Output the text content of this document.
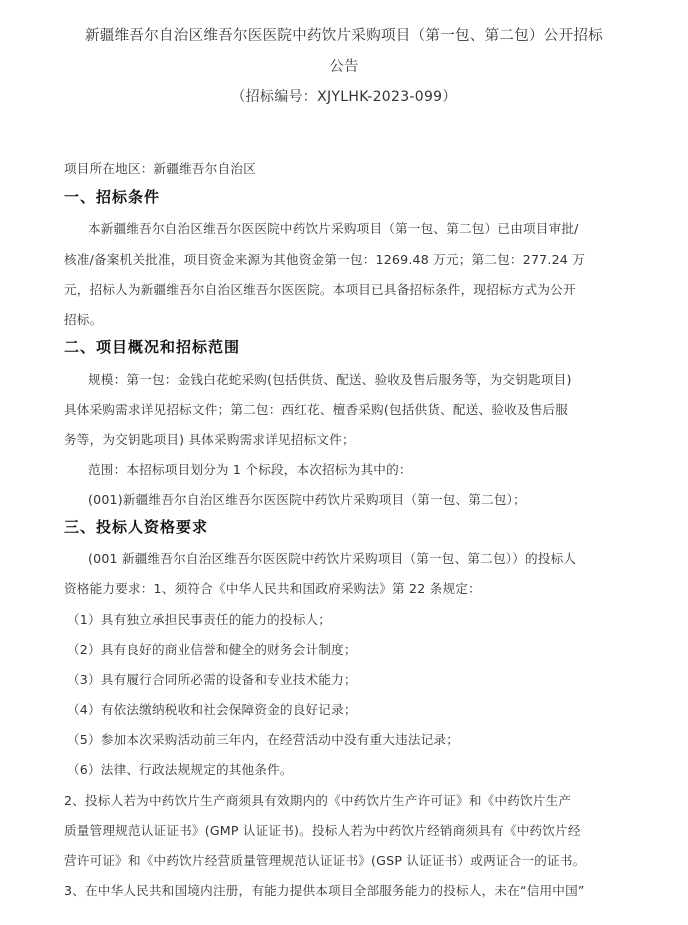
新疆维吾尔自治区维吾尔医医院中药饮片采购项目（第一包、第二包）公开招标
公告
（招标编号：XJYLHK-2023-099）
项目所在地区：新疆维吾尔自治区
一、招标条件
本新疆维吾尔自治区维吾尔医医院中药饮片采购项目（第一包、第二包）已由项目审批/
核准/备案机关批准，项目资金来源为其他资金第一包：1269.48 万元；第二包：277.24 万
元，招标人为新疆维吾尔自治区维吾尔医医院。本项目已具备招标条件，现招标方式为公开
招标。
二、项目概况和招标范围
规模：第一包：金钱白花蛇采购(包括供货、配送、验收及售后服务等，为交钥匙项目)
具体采购需求详见招标文件；第二包：西红花、檀香采购(包括供货、配送、验收及售后服
务等，为交钥匙项目) 具体采购需求详见招标文件；
范围：本招标项目划分为 1 个标段，本次招标为其中的：
(001)新疆维吾尔自治区维吾尔医医院中药饮片采购项目（第一包、第二包）；
三、投标人资格要求
(001 新疆维吾尔自治区维吾尔医医院中药饮片采购项目（第一包、第二包））的投标人
资格能力要求：1、须符合《中华人民共和国政府采购法》第 22 条规定：
（1）具有独立承担民事责任的能力的投标人；
（2）具有良好的商业信誉和健全的财务会计制度；
（3）具有履行合同所必需的设备和专业技术能力；
（4）有依法缴纳税收和社会保障资金的良好记录；
（5）参加本次采购活动前三年内，在经营活动中没有重大违法记录；
（6）法律、行政法规规定的其他条件。
2、投标人若为中药饮片生产商须具有效期内的《中药饮片生产许可证》和《中药饮片生产
质量管理规范认证证书》(GMP 认证证书)。投标人若为中药饮片经销商须具有《中药饮片经
营许可证》和《中药饮片经营质量管理规范认证证书》(GSP 认证证书）或两证合一的证书。
3、在中华人民共和国境内注册，有能力提供本项目全部服务能力的投标人，未在“信用中国”
